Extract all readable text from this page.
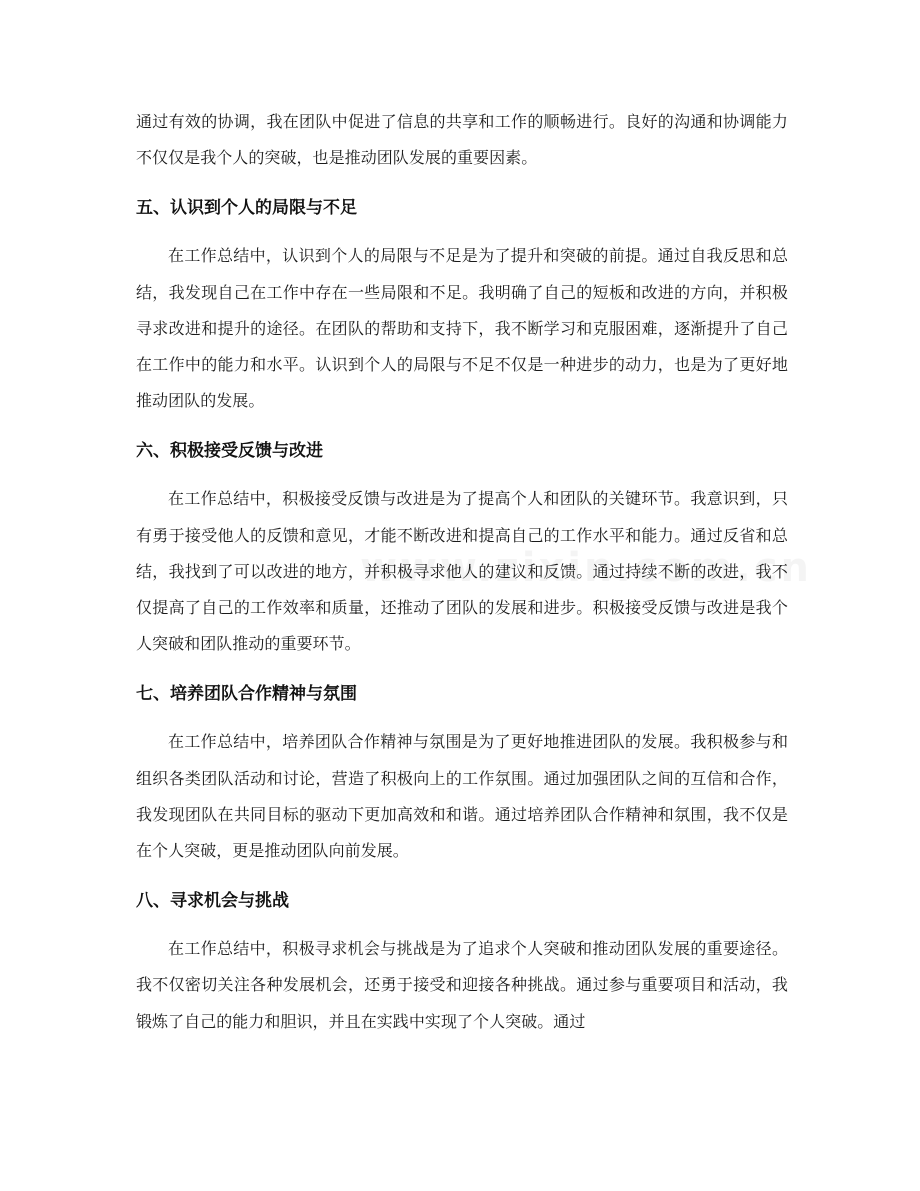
通过有效的协调，我在团队中促进了信息的共享和工作的顺畅进行。良好的沟通和协调能力不仅仅是我个人的突破，也是推动团队发展的重要因素。

五、认识到个人的局限与不足

在工作总结中，认识到个人的局限与不足是为了提升和突破的前提。通过自我反思和总结，我发现自己在工作中存在一些局限和不足。我明确了自己的短板和改进的方向，并积极寻求改进和提升的途径。在团队的帮助和支持下，我不断学习和克服困难，逐渐提升了自己在工作中的能力和水平。认识到个人的局限与不足不仅是一种进步的动力，也是为了更好地推动团队的发展。

六、积极接受反馈与改进

在工作总结中，积极接受反馈与改进是为了提高个人和团队的关键环节。我意识到，只有勇于接受他人的反馈和意见，才能不断改进和提高自己的工作水平和能力。通过反省和总结，我找到了可以改进的地方，并积极寻求他人的建议和反馈。通过持续不断的改进，我不仅提高了自己的工作效率和质量，还推动了团队的发展和进步。积极接受反馈与改进是我个人突破和团队推动的重要环节。

七、培养团队合作精神与氛围

在工作总结中，培养团队合作精神与氛围是为了更好地推进团队的发展。我积极参与和组织各类团队活动和讨论，营造了积极向上的工作氛围。通过加强团队之间的互信和合作，我发现团队在共同目标的驱动下更加高效和和谐。通过培养团队合作精神和氛围，我不仅是在个人突破，更是推动团队向前发展。

八、寻求机会与挑战

在工作总结中，积极寻求机会与挑战是为了追求个人突破和推动团队发展的重要途径。我不仅密切关注各种发展机会，还勇于接受和迎接各种挑战。通过参与重要项目和活动，我锻炼了自己的能力和胆识，并且在实践中实现了个人突破。通过
